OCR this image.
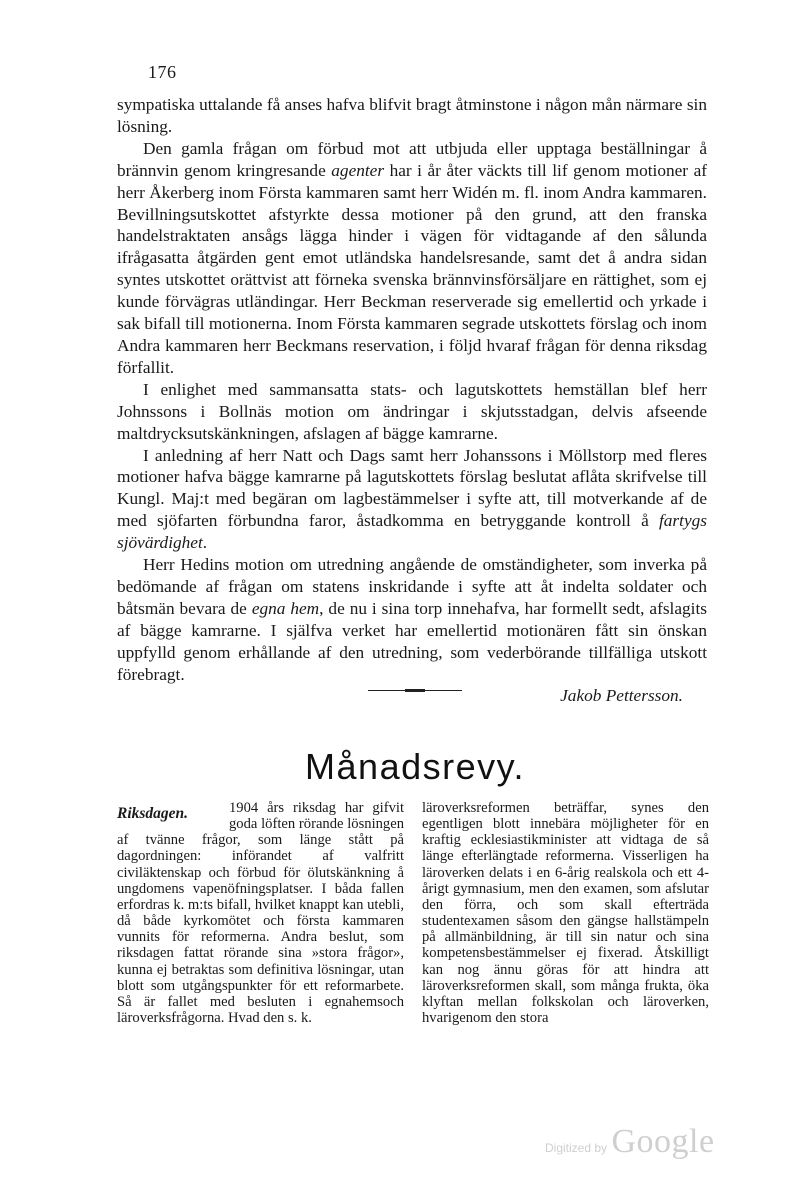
176

sympatiska uttalande få anses hafva blifvit bragt åtminstone i någon mån närmare sin lösning.

Den gamla frågan om förbud mot att utbjuda eller upptaga beställningar å brännvin genom kringresande agenter har i år åter väckts till lif genom motioner af herr Åkerberg inom Första kammaren samt herr Widén m. fl. inom Andra kammaren. Bevillningsutskottet afstyrkte dessa motioner på den grund, att den franska handelstraktaten ansågs lägga hinder i vägen för vidtagande af den sålunda ifrågasatta åtgärden gent emot utländska handelsresande, samt det å andra sidan syntes utskottet orättvist att förneka svenska brännvinsförsäljare en rättighet, som ej kunde förvägras utländingar. Herr Beckman reserverade sig emellertid och yrkade i sak bifall till motionerna. Inom Första kammaren segrade utskottets förslag och inom Andra kammaren herr Beckmans reservation, i följd hvaraf frågan för denna riksdag förfallit.

I enlighet med sammansatta stats- och lagutskottets hemställan blef herr Johnssons i Bollnäs motion om ändringar i skjutsstadgan, delvis afseende maltdrycksutskänkningen, afslagen af bägge kamrarne.

I anledning af herr Natt och Dags samt herr Johanssons i Möllstorp med fleres motioner hafva bägge kamrarne på lagutskottets förslag beslutat aflåta skrifvelse till Kungl. Maj:t med begäran om lagbestämmelser i syfte att, till motverkande af de med sjöfarten förbundna faror, åstadkomma en betryggande kontroll å fartygs sjövärdighet.

Herr Hedins motion om utredning angående de omständigheter, som inverka på bedömande af frågan om statens inskridande i syfte att åt indelta soldater och båtsmän bevara de egna hem, de nu i sina torp innehafva, har formellt sedt, afslagits af bägge kamrarne. I själfva verket har emellertid motionären fått sin önskan uppfylld genom erhållande af den utredning, som vederbörande tillfälliga utskott förebragt.

Jakob Pettersson.

Månadsrevy.
Riksdagen.	1904 års riksdag har gifvit goda löften rörande lösningen af tvänne frågor, som länge stått på dagordningen: införandet af valfritt civiläktenskap och förbud för ölutskänkning å ungdomens vapenöfningsplatser. I båda fallen erfordras k. m:ts bifall, hvilket knappt kan utebli, då både kyrkomötet och första kammaren vunnits för reformerna. Andra beslut, som riksdagen fattat rörande sina »stora frågor», kunna ej betraktas som definitiva lösningar, utan blott som utgångspunkter för ett reformarbete. Så är fallet med besluten i egnahemsoch läroverksfrågorna. Hvad den s. k.

läroverksreformen beträffar, synes den egentligen blott innebära möjligheter för en kraftig ecklesiastikminister att vidtaga de så länge efterlängtade reformerna. Visserligen ha läroverken delats i en 6-årig realskola och ett 4-årigt gymnasium, men den examen, som afslutar den förra, och som skall efterträda studentexamen såsom den gängse hallstämpeln på allmänbildning, är till sin natur och sina kompetensbestämmelser ej fixerad. Åtskilligt kan nog ännu göras för att hindra att läroverksreformen skall, som många frukta, öka klyftan mellan folkskolan och läroverken, hvarigenom den stora

Digitized by Google
